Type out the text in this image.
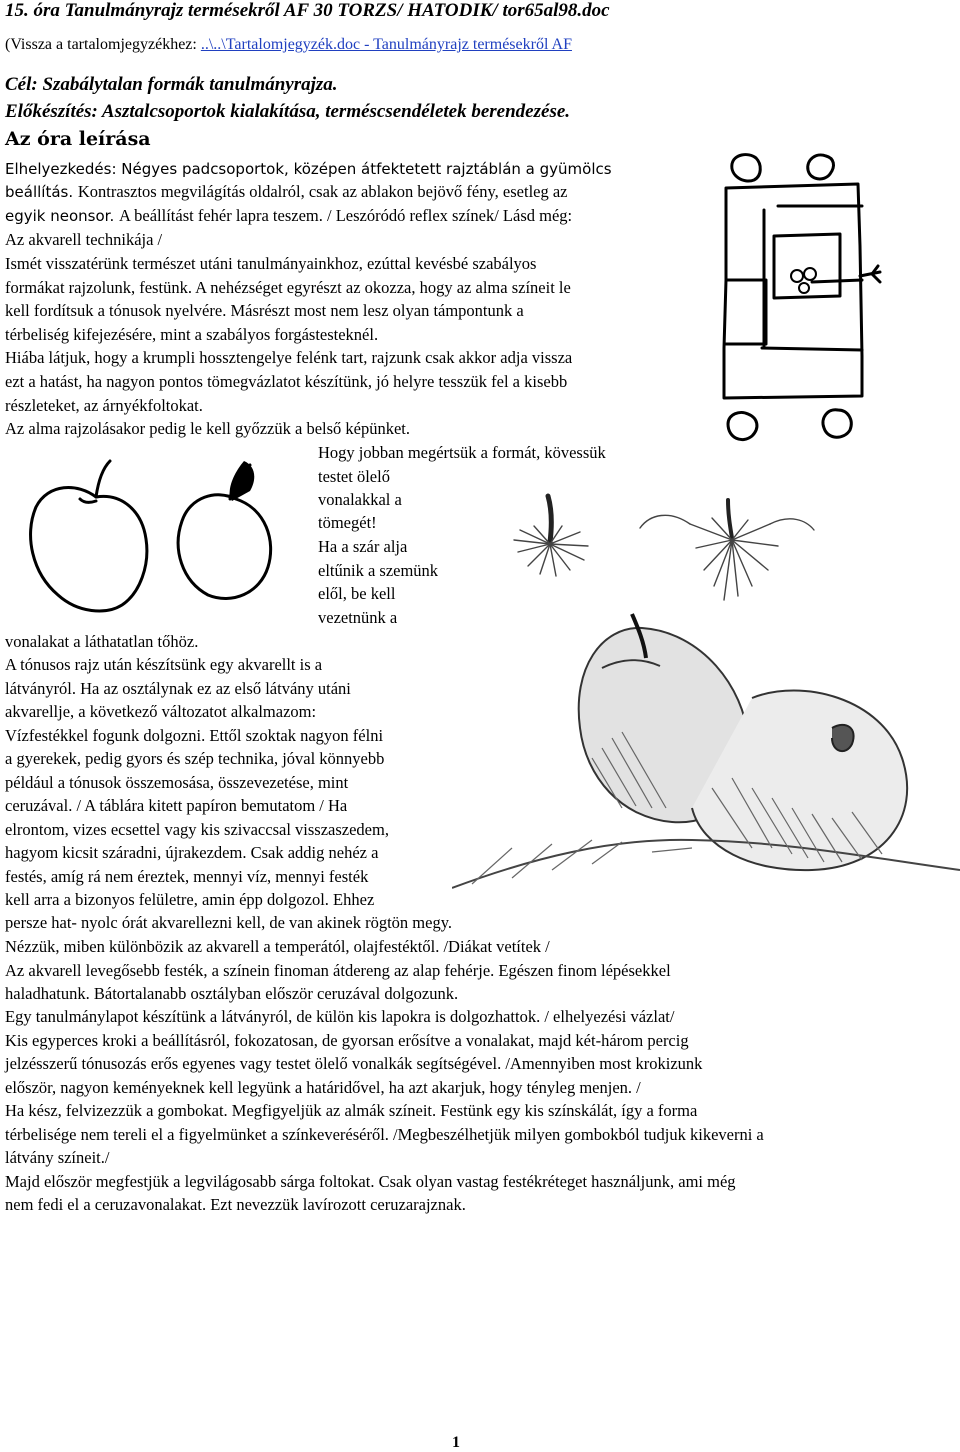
15. óra Tanulmányrajz termésekről AF 30 TORZS/ HATODIK/ tor65al98.doc
(Vissza a tartalomjegyzékhez: ..\..\Tartalomjegyzék.doc - Tanulmányrajz termésekről AF
Cél: Szabálytalan formák tanulmányrajza.
Előkészítés: Asztalcsoportok kialakítása, terméscsendéletek berendezése.
Az óra leírása
Elhelyezkedés: Négyes padcsoportok, középen átfektetett rajztáblán a gyümölcs
beállítás. Kontrasztos megvilágítás oldalról, csak az ablakon bejövő fény, esetleg az
egyik neonsor. A beállítást fehér lapra teszem. / Leszóródó reflex színek/ Lásd még:
Az akvarell technikája /
Ismét visszatérünk természet utáni tanulmányainkhoz, ezúttal kevésbé szabályos
formákat rajzolunk, festünk. A nehézséget egyrészt az okozza, hogy az alma színeit le
kell fordítsuk a tónusok nyelvére. Másrészt most nem lesz olyan támpontunk a
térbeliség kifejezésére, mint a szabályos forgástesteknél.
Hiába látjuk, hogy a krumpli hossztengelye felénk tart, rajzunk csak akkor adja vissza
ezt a hatást, ha nagyon pontos tömegvázlatot készítünk, jó helyre tesszük fel a kisebb
részleteket, az árnyékfoltokat.
Az alma rajzolásakor pedig le kell győzzük a belső képünket.
Hogy jobban megértsük a formát, kövessük
testet ölelő
vonalakkal a
tömegét!
Ha a szár alja
eltűnik a szemünk
elől, be kell
vezetnünk a
vonalakat a láthatatlan tőhöz.
A tónusos rajz után készítsünk egy akvarellt is a
látványról. Ha az osztálynak ez az első látvány utáni
akvarellje, a következő változatot alkalmazom:
Vízfestékkel fogunk dolgozni. Ettől szoktak nagyon félni
a gyerekek, pedig gyors és szép technika, jóval könnyebb
például a tónusok összemosása, összevezetése, mint
ceruzával. / A táblára kitett papíron bemutatom / Ha
elrontom, vizes ecsettel vagy kis szivaccsal visszaszedem,
hagyom kicsit száradni, újrakezdem. Csak addig nehéz a
festés, amíg rá nem éreztek, mennyi víz, mennyi festék
kell arra a bizonyos felületre, amin épp dolgozol. Ehhez
persze hat- nyolc órát akvarellezni kell, de van akinek rögtön megy.
Nézzük, miben különbözik az akvarell a temperától, olajfestéktől. /Diákat vetítek /
Az akvarell levegősebb festék, a színein finoman átdereng az alap fehérje. Egészen finom lépésekkel
haladhatunk. Bátortalanabb osztályban először ceruzával dolgozunk.
Egy tanulmánylapot készítünk a látványról, de külön kis lapokra is dolgozhattok. / elhelyezési vázlat/
Kis egyperces kroki a beállításról, fokozatosan, de gyorsan erősítve a vonalakat, majd két-három percig
jelzésszerű tónusozás erős egyenes vagy testet ölelő vonalkák segítségével. /Amennyiben most krokizunk
először, nagyon keményeknek kell legyünk a határidővel, ha azt akarjuk, hogy tényleg menjen. /
Ha kész, felvizezzük a gombokat. Megfigyeljük az almák színeit. Festünk egy kis színskálát, így a forma
térbelisége nem tereli el a figyelmünket a színkeveréséről. /Megbeszélhetjük milyen gombokból tudjuk kikeverni a
látvány színeit./
Majd először megfestjük a legvilágosabb sárga foltokat. Csak olyan vastag festékréteget használjunk, ami még
nem fedi el a ceruzavonalakat. Ezt nevezzük lavírozott ceruzarajznak.
1
